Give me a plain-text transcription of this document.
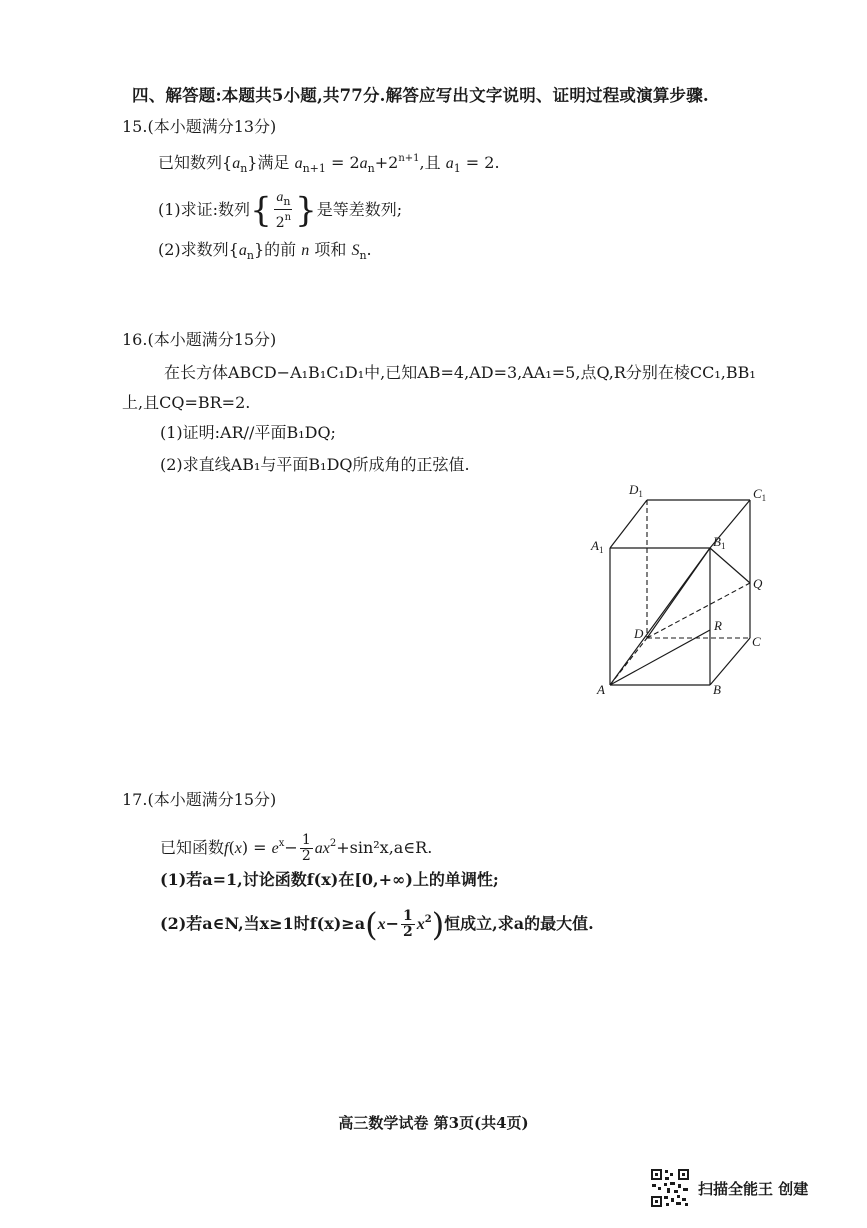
四、解答题:本题共5小题,共77分.解答应写出文字说明、证明过程或演算步骤.
15.(本小题满分13分)
已知数列$\{a_n\}$满足 $a_{n+1} = 2a_n+2^{n+1}$,且 $a_1 = 2$.
(1)求证:数列{ $\frac{a_n}{2^n}$ }是等差数列;
(2)求数列$\{a_n\}$的前 n 项和 $S_n$.
16.(本小题满分15分)
在长方体ABCD−A₁B₁C₁D₁中,已知AB=4,AD=3,AA₁=5,点Q,R分别在棱CC₁,BB₁
上,且CQ=BR=2.
(1)证明:AR//平面B₁DQ;
(2)求直线AB₁与平面B₁DQ所成角的正弦值.
$D_1$	$C_1$
$A_1$
$B_1$
Q
D
R
C
A	B
17.(本小题满分15分)
已知函数$f(x) = e^x- \frac{1}{2}$ $ax^2+\sin^2x,a\in R$.
(1)若a=1,讨论函数f(x)在[0,+∞)上的单调性;
(2)若a∈N,当x≥1时$f(x)\ge a(x- \frac{1}{2} x^2)$恒成立,求a的最大值.
高三数学试卷 第3页(共4页)
扫描全能王 创建
